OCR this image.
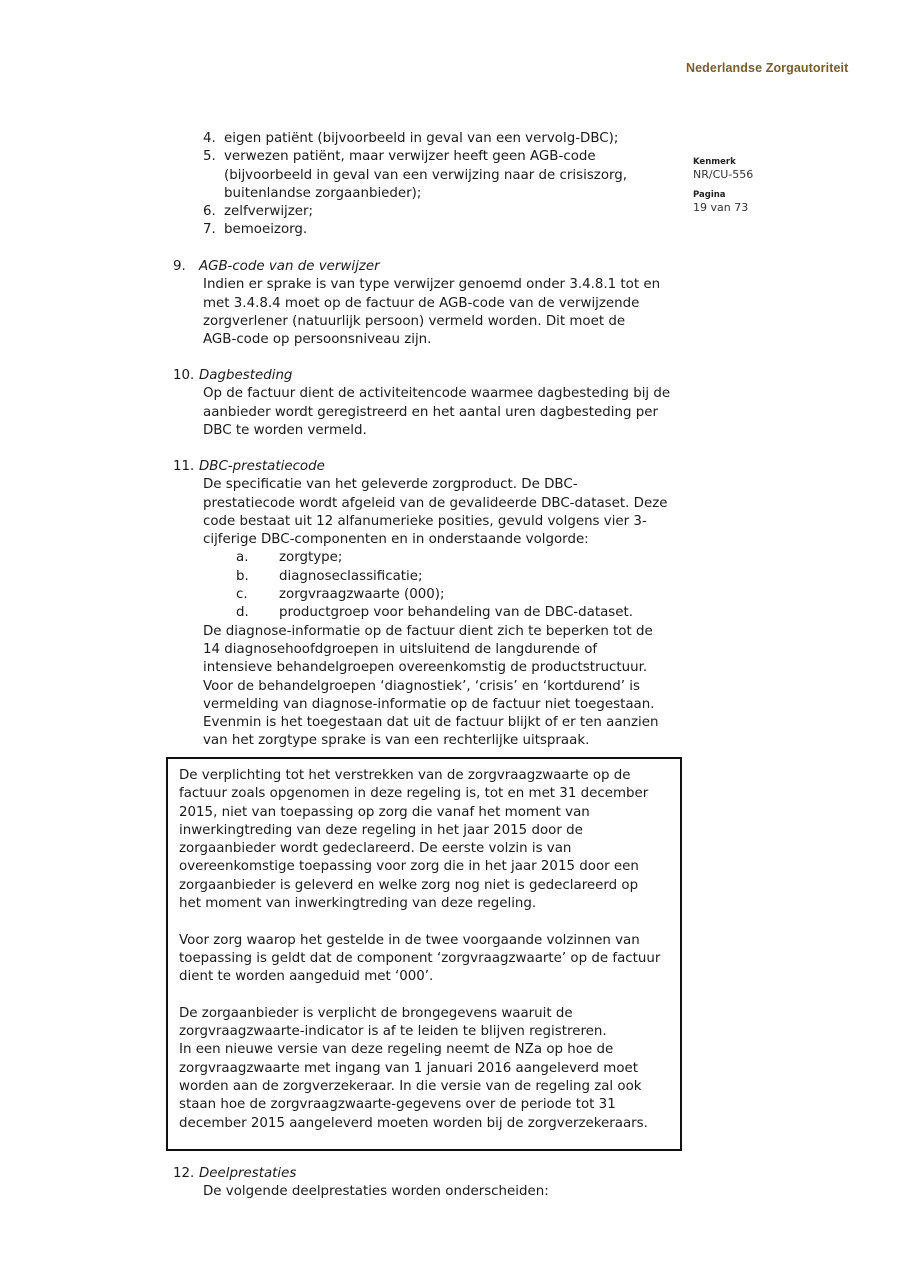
Nederlandse Zorgautoriteit
Kenmerk
NR/CU-556
Pagina
19 van 73
4. eigen patiënt (bijvoorbeeld in geval van een vervolg-DBC);
5. verwezen patiënt, maar verwijzer heeft geen AGB-code
(bijvoorbeeld in geval van een verwijzing naar de crisiszorg,
buitenlandse zorgaanbieder);
6. zelfverwijzer;
7. bemoeizorg.
9. AGB-code van de verwijzer
Indien er sprake is van type verwijzer genoemd onder 3.4.8.1 tot en
met 3.4.8.4 moet op de factuur de AGB-code van de verwijzende
zorgverlener (natuurlijk persoon) vermeld worden. Dit moet de
AGB-code op persoonsniveau zijn.
10. Dagbesteding
Op de factuur dient de activiteitencode waarmee dagbesteding bij de
aanbieder wordt geregistreerd en het aantal uren dagbesteding per
DBC te worden vermeld.
11. DBC-prestatiecode
De specificatie van het geleverde zorgproduct. De DBC-
prestatiecode wordt afgeleid van de gevalideerde DBC-dataset. Deze
code bestaat uit 12 alfanumerieke posities, gevuld volgens vier 3-
cijferige DBC-componenten en in onderstaande volgorde:
a. zorgtype;
b. diagnoseclassificatie;
c. zorgvraagzwaarte (000);
d. productgroep voor behandeling van de DBC-dataset.
De diagnose-informatie op de factuur dient zich te beperken tot de
14 diagnosehoofdgroepen in uitsluitend de langdurende of
intensieve behandelgroepen overeenkomstig de productstructuur.
Voor de behandelgroepen ‘diagnostiek’, ‘crisis’ en ‘kortdurend’ is
vermelding van diagnose-informatie op de factuur niet toegestaan.
Evenmin is het toegestaan dat uit de factuur blijkt of er ten aanzien
van het zorgtype sprake is van een rechterlijke uitspraak.

De verplichting tot het verstrekken van de zorgvraagzwaarte op de
factuur zoals opgenomen in deze regeling is, tot en met 31 december
2015, niet van toepassing op zorg die vanaf het moment van
inwerkingtreding van deze regeling in het jaar 2015 door de
zorgaanbieder wordt gedeclareerd. De eerste volzin is van
overeenkomstige toepassing voor zorg die in het jaar 2015 door een
zorgaanbieder is geleverd en welke zorg nog niet is gedeclareerd op
het moment van inwerkingtreding van deze regeling.

Voor zorg waarop het gestelde in de twee voorgaande volzinnen van
toepassing is geldt dat de component ‘zorgvraagzwaarte’ op de factuur
dient te worden aangeduid met ‘000’.

De zorgaanbieder is verplicht de brongegevens waaruit de
zorgvraagzwaarte-indicator is af te leiden te blijven registreren.
In een nieuwe versie van deze regeling neemt de NZa op hoe de
zorgvraagzwaarte met ingang van 1 januari 2016 aangeleverd moet
worden aan de zorgverzekeraar. In die versie van de regeling zal ook
staan hoe de zorgvraagzwaarte-gegevens over de periode tot 31
december 2015 aangeleverd moeten worden bij de zorgverzekeraars.

12. Deelprestaties
De volgende deelprestaties worden onderscheiden:
